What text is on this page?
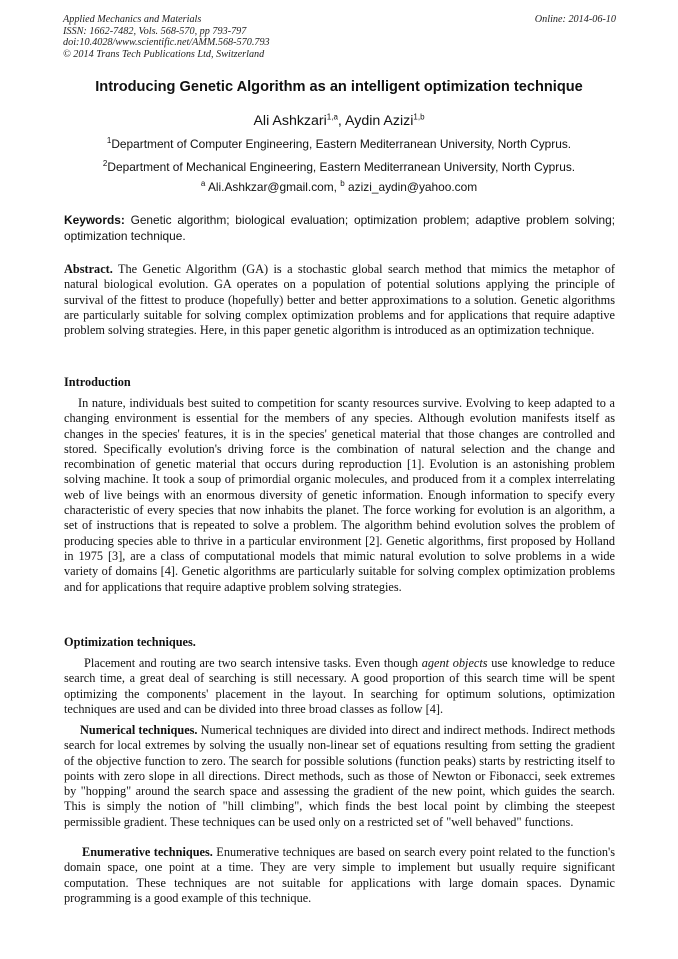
Applied Mechanics and Materials
ISSN: 1662-7482, Vols. 568-570, pp 793-797
doi:10.4028/www.scientific.net/AMM.568-570.793
© 2014 Trans Tech Publications Ltd, Switzerland
Online: 2014-06-10
Introducing Genetic Algorithm as an intelligent optimization technique
Ali Ashkzari$^{1,a}$, Aydin Azizi$^{1,b}$
$^1$Department of Computer Engineering, Eastern Mediterranean University, North Cyprus.
$^2$Department of Mechanical Engineering, Eastern Mediterranean University, North Cyprus.
$^a$ Ali.Ashkzar@gmail.com, $^b$ azizi_aydin@yahoo.com
Keywords: Genetic algorithm; biological evaluation; optimization problem; adaptive problem solving; optimization technique.
Abstract. The Genetic Algorithm (GA) is a stochastic global search method that mimics the metaphor of natural biological evolution. GA operates on a population of potential solutions applying the principle of survival of the fittest to produce (hopefully) better and better approximations to a solution. Genetic algorithms are particularly suitable for solving complex optimization problems and for applications that require adaptive problem solving strategies. Here, in this paper genetic algorithm is introduced as an optimization technique.
Introduction
In nature, individuals best suited to competition for scanty resources survive. Evolving to keep adapted to a changing environment is essential for the members of any species. Although evolution manifests itself as changes in the species' features, it is in the species' genetical material that those changes are controlled and stored. Specifically evolution's driving force is the combination of natural selection and the change and recombination of genetic material that occurs during reproduction [1]. Evolution is an astonishing problem solving machine. It took a soup of primordial organic molecules, and produced from it a complex interrelating web of live beings with an enormous diversity of genetic information. Enough information to specify every characteristic of every species that now inhabits the planet. The force working for evolution is an algorithm, a set of instructions that is repeated to solve a problem. The algorithm behind evolution solves the problem of producing species able to thrive in a particular environment [2]. Genetic algorithms, first proposed by Holland in 1975 [3], are a class of computational models that mimic natural evolution to solve problems in a wide variety of domains [4]. Genetic algorithms are particularly suitable for solving complex optimization problems and for applications that require adaptive problem solving strategies.
Optimization techniques.
Placement and routing are two search intensive tasks. Even though agent objects use knowledge to reduce search time, a great deal of searching is still necessary. A good proportion of this search time will be spent optimizing the components' placement in the layout. In searching for optimum solutions, optimization techniques are used and can be divided into three broad classes as follow [4].
Numerical techniques. Numerical techniques are divided into direct and indirect methods. Indirect methods search for local extremes by solving the usually non-linear set of equations resulting from setting the gradient of the objective function to zero. The search for possible solutions (function peaks) starts by restricting itself to points with zero slope in all directions. Direct methods, such as those of Newton or Fibonacci, seek extremes by "hopping" around the search space and assessing the gradient of the new point, which guides the search. This is simply the notion of "hill climbing", which finds the best local point by climbing the steepest permissible gradient. These techniques can be used only on a restricted set of "well behaved" functions.
Enumerative techniques. Enumerative techniques are based on search every point related to the function's domain space, one point at a time. They are very simple to implement but usually require significant computation. These techniques are not suitable for applications with large domain spaces. Dynamic programming is a good example of this technique.
